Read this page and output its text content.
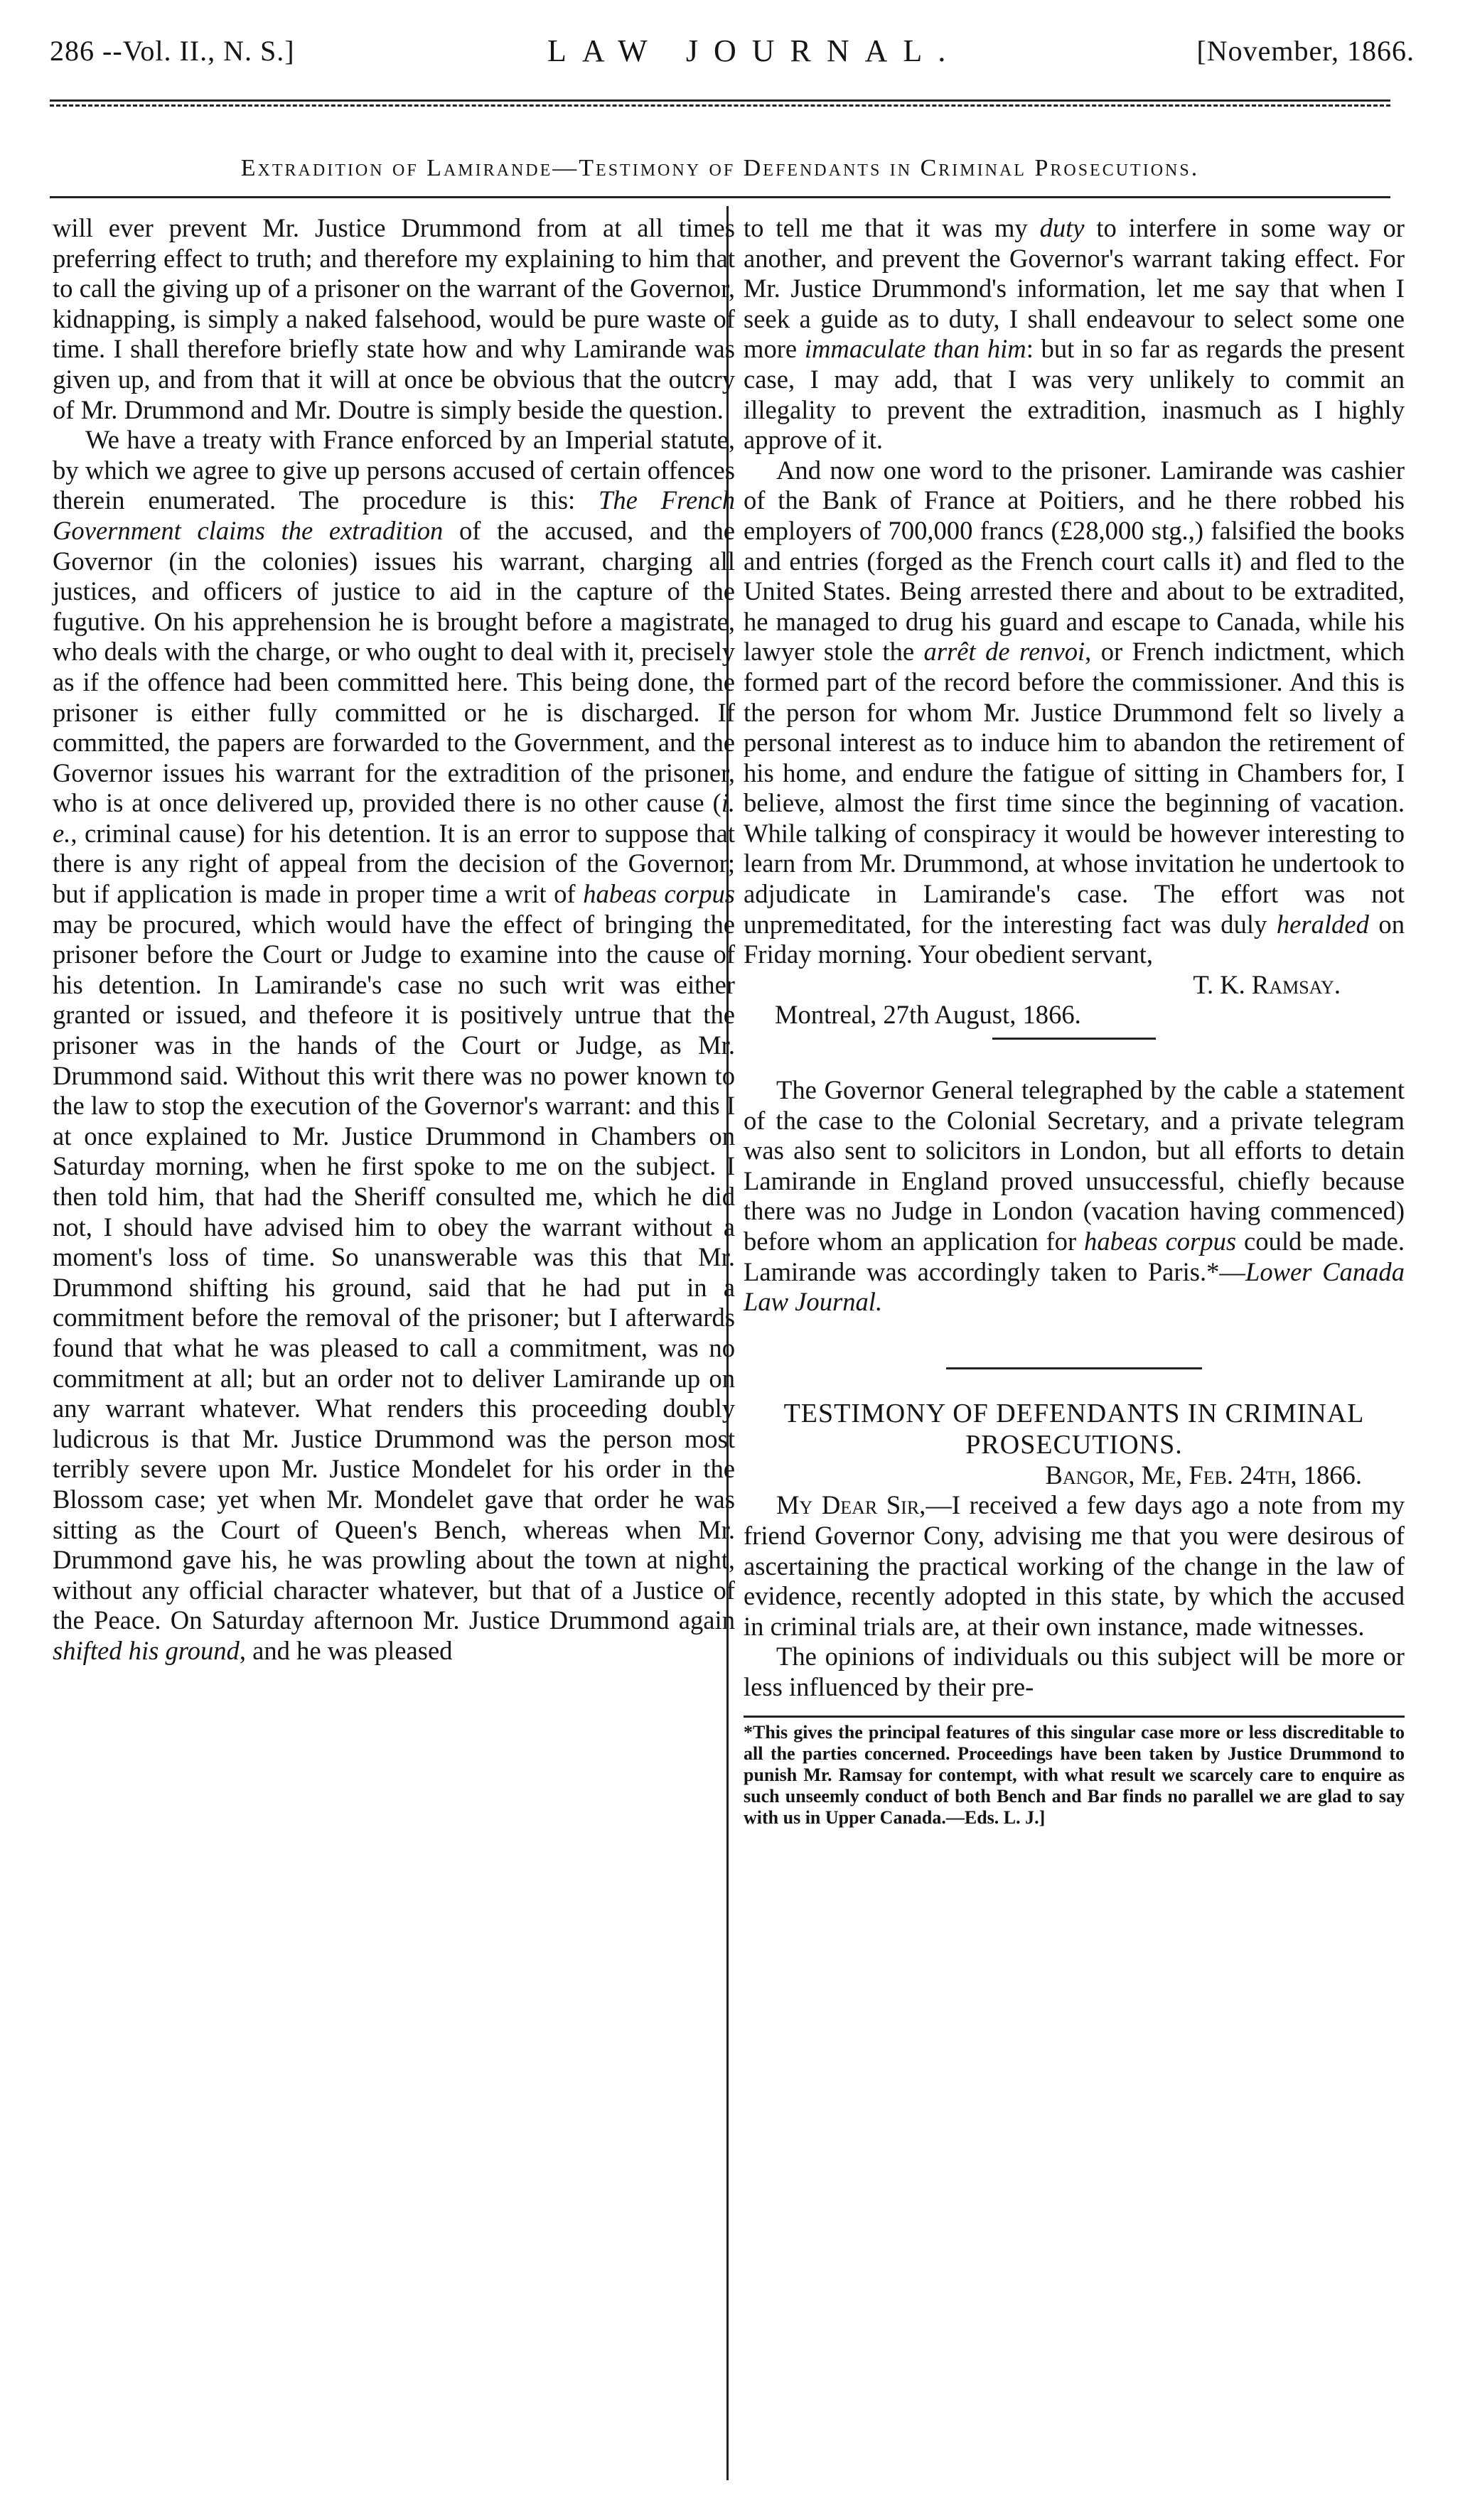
286 --Vol. II., N. S.]	LAW JOURNAL.	[November, 1866.
Extradition of Lamirande—Testimony of Defendants in Criminal Prosecutions.

will ever prevent Mr. Justice Drummond from at all times preferring effect to truth; and therefore my explaining to him that to call the giving up of a prisoner on the warrant of the Governor, kidnapping, is simply a naked falsehood, would be pure waste of time. I shall therefore briefly state how and why Lamirande was given up, and from that it will at once be obvious that the outcry of Mr. Drummond and Mr. Doutre is simply beside the question.

We have a treaty with France enforced by an Imperial statute, by which we agree to give up persons accused of certain offences therein enumerated. The procedure is this: The French Government claims the extradition of the accused, and the Governor (in the colonies) issues his warrant, charging all justices, and officers of justice to aid in the capture of the fugutive. On his apprehension he is brought before a magistrate, who deals with the charge, or who ought to deal with it, precisely as if the offence had been committed here. This being done, the prisoner is either fully committed or he is discharged. If committed, the papers are forwarded to the Government, and the Governor issues his warrant for the extradition of the prisoner, who is at once delivered up, provided there is no other cause (i. e., criminal cause) for his detention. It is an error to suppose that there is any right of appeal from the decision of the Governor; but if application is made in proper time a writ of habeas corpus may be procured, which would have the effect of bringing the prisoner before the Court or Judge to examine into the cause of his detention. In Lamirande's case no such writ was either granted or issued, and thefeore it is positively untrue that the prisoner was in the hands of the Court or Judge, as Mr. Drummond said. Without this writ there was no power known to the law to stop the execution of the Governor's warrant: and this I at once explained to Mr. Justice Drummond in Chambers on Saturday morning, when he first spoke to me on the subject. I then told him, that had the Sheriff consulted me, which he did not, I should have advised him to obey the warrant without a moment's loss of time. So unanswerable was this that Mr. Drummond shifting his ground, said that he had put in a commitment before the removal of the prisoner; but I afterwards found that what he was pleased to call a commitment, was no commitment at all; but an order not to deliver Lamirande up on any warrant whatever. What renders this proceeding doubly ludicrous is that Mr. Justice Drummond was the person most terribly severe upon Mr. Justice Mondelet for his order in the Blossom case; yet when Mr. Mondelet gave that order he was sitting as the Court of Queen's Bench, whereas when Mr. Drummond gave his, he was prowling about the town at night, without any official character whatever, but that of a Justice of the Peace. On Saturday afternoon Mr. Justice Drummond again shifted his ground, and he was pleased

to tell me that it was my duty to interfere in some way or another, and prevent the Governor's warrant taking effect. For Mr. Justice Drummond's information, let me say that when I seek a guide as to duty, I shall endeavour to select some one more immaculate than him: but in so far as regards the present case, I may add, that I was very unlikely to commit an illegality to prevent the extradition, inasmuch as I highly approve of it.

And now one word to the prisoner. Lamirande was cashier of the Bank of France at Poitiers, and he there robbed his employers of 700,000 francs (£28,000 stg.,) falsified the books and entries (forged as the French court calls it) and fled to the United States. Being arrested there and about to be extradited, he managed to drug his guard and escape to Canada, while his lawyer stole the arrêt de renvoi, or French indictment, which formed part of the record before the commissioner. And this is the person for whom Mr. Justice Drummond felt so lively a personal interest as to induce him to abandon the retirement of his home, and endure the fatigue of sitting in Chambers for, I believe, almost the first time since the beginning of vacation. While talking of conspiracy it would be however interesting to learn from Mr. Drummond, at whose invitation he undertook to adjudicate in Lamirande's case. The effort was not unpremeditated, for the interesting fact was duly heralded on Friday morning. Your obedient servant,

T. K. Ramsay.

Montreal, 27th August, 1866.

The Governor General telegraphed by the cable a statement of the case to the Colonial Secretary, and a private telegram was also sent to solicitors in London, but all efforts to detain Lamirande in England proved unsuccessful, chiefly because there was no Judge in London (vacation having commenced) before whom an application for habeas corpus could be made. Lamirande was accordingly taken to Paris.*—Lower Canada Law Journal.

TESTIMONY OF DEFENDANTS IN CRIMINAL PROSECUTIONS.

Bangor, Me, Feb. 24th, 1866.

My Dear Sir,—I received a few days ago a note from my friend Governor Cony, advising me that you were desirous of ascertaining the practical working of the change in the law of evidence, recently adopted in this state, by which the accused in criminal trials are, at their own instance, made witnesses.

The opinions of individuals ou this subject will be more or less influenced by their pre-

*This gives the principal features of this singular case more or less discreditable to all the parties concerned. Proceedings have been taken by Justice Drummond to punish Mr. Ramsay for contempt, with what result we scarcely care to enquire as such unseemly conduct of both Bench and Bar finds no parallel we are glad to say with us in Upper Canada.—Eds. L. J.]
